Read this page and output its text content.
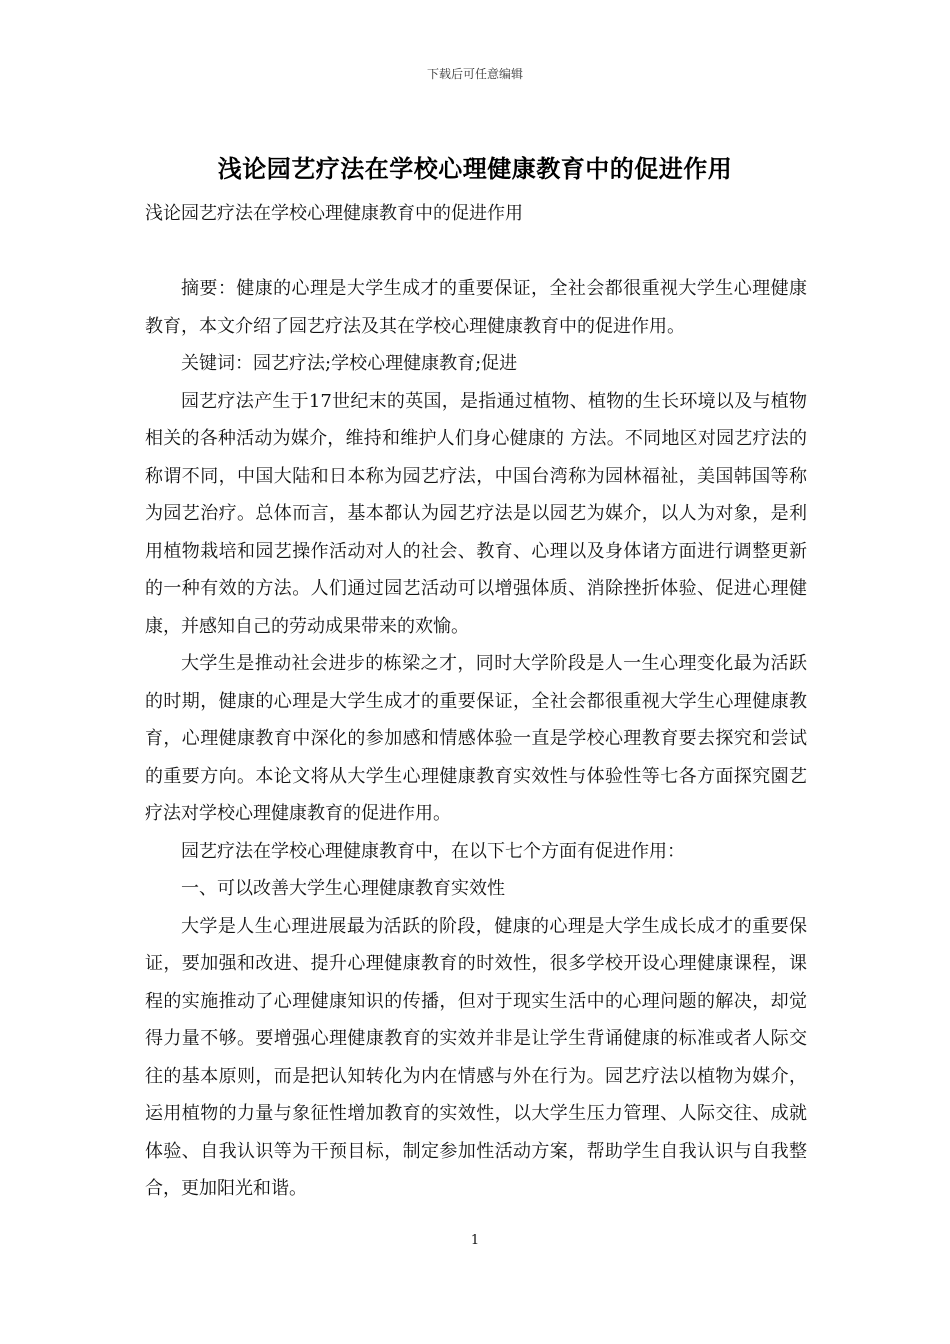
下载后可任意编辑
浅论园艺疗法在学校心理健康教育中的促进作用
浅论园艺疗法在学校心理健康教育中的促进作用

摘要：健康的心理是大学生成才的重要保证，全社会都很重视大学生心理健康教育，本文介绍了园艺疗法及其在学校心理健康教育中的促进作用。

关键词：园艺疗法;学校心理健康教育;促进

园艺疗法产生于17世纪末的英国，是指通过植物、植物的生长环境以及与植物相关的各种活动为媒介，维持和维护人们身心健康的 方法。不同地区对园艺疗法的称谓不同，中国大陆和日本称为园艺疗法，中国台湾称为园林福祉，美国韩国等称为园艺治疗。总体而言，基本都认为园艺疗法是以园艺为媒介，以人为对象，是利用植物栽培和园艺操作活动对人的社会、教育、心理以及身体诸方面进行调整更新的一种有效的方法。人们通过园艺活动可以增强体质、消除挫折体验、促进心理健康，并感知自己的劳动成果带来的欢愉。

大学生是推动社会进步的栋梁之才，同时大学阶段是人一生心理变化最为活跃的时期，健康的心理是大学生成才的重要保证，全社会都很重视大学生心理健康教育，心理健康教育中深化的参加感和情感体验一直是学校心理教育要去探究和尝试的重要方向。本论文将从大学生心理健康教育实效性与体验性等七各方面探究園艺疗法对学校心理健康教育的促进作用。

园艺疗法在学校心理健康教育中，在以下七个方面有促进作用：

一、可以改善大学生心理健康教育实效性

大学是人生心理进展最为活跃的阶段，健康的心理是大学生成长成才的重要保证，要加强和改进、提升心理健康教育的时效性，很多学校开设心理健康课程，课程的实施推动了心理健康知识的传播，但对于现实生活中的心理问题的解决，却觉得力量不够。要增强心理健康教育的实效并非是让学生背诵健康的标准或者人际交往的基本原则，而是把认知转化为内在情感与外在行为。园艺疗法以植物为媒介，运用植物的力量与象征性增加教育的实效性，以大学生压力管理、人际交往、成就体验、自我认识等为干预目标，制定参加性活动方案，帮助学生自我认识与自我整合，更加阳光和谐。

1
